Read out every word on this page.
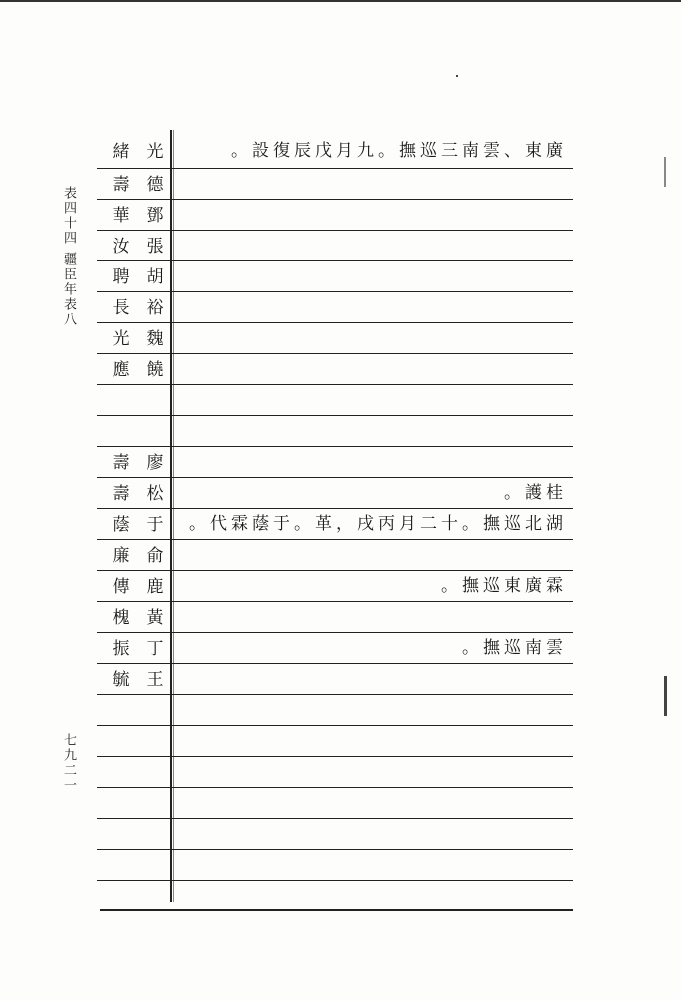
表四十四 疆臣年表八
七九二一
緒 光	廣東、雲南三巡撫。九月戊辰復設。
壽 德
華 鄧
汝 張
聘 胡
長 裕
光 魏
應 饒
壽 廖
壽 松	桂護。
蔭 于 湖北巡撫。十二月丙戌，革。于蔭霖代。
廉 俞
傳 鹿	霖廣東巡撫。
槐 黃
振 丁	雲南巡撫。
毓 王
